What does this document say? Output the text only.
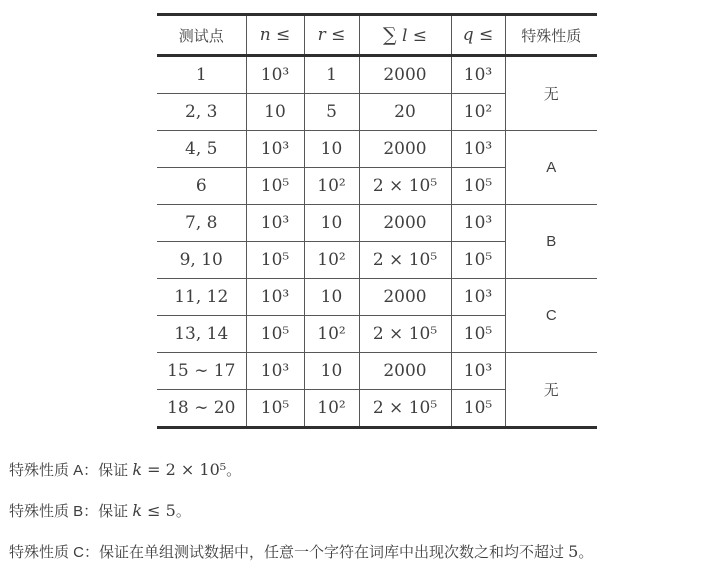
测试点	n ≤	r ≤	∑ l ≤	q ≤	特殊性质
1	10³	1	2000	10³	无
2, 3	10	5	20	10²	
4, 5	10³	10	2000	10³	A
6	10⁵	10²	2 × 10⁵	10⁵	
7, 8	10³	10	2000	10³	B
9, 10	10⁵	10²	2 × 10⁵	10⁵	
11, 12	10³	10	2000	10³	C
13, 14	10⁵	10²	2 × 10⁵	10⁵	
15 ∼ 17	10³	10	2000	10³	无
18 ∼ 20	10⁵	10²	2 × 10⁵	10⁵	

特殊性质 A：保证 k = 2 × 10⁵。

特殊性质 B：保证 k ≤ 5。

特殊性质 C：保证在单组测试数据中，任意一个字符在词库中出现次数之和均不超过 5。
